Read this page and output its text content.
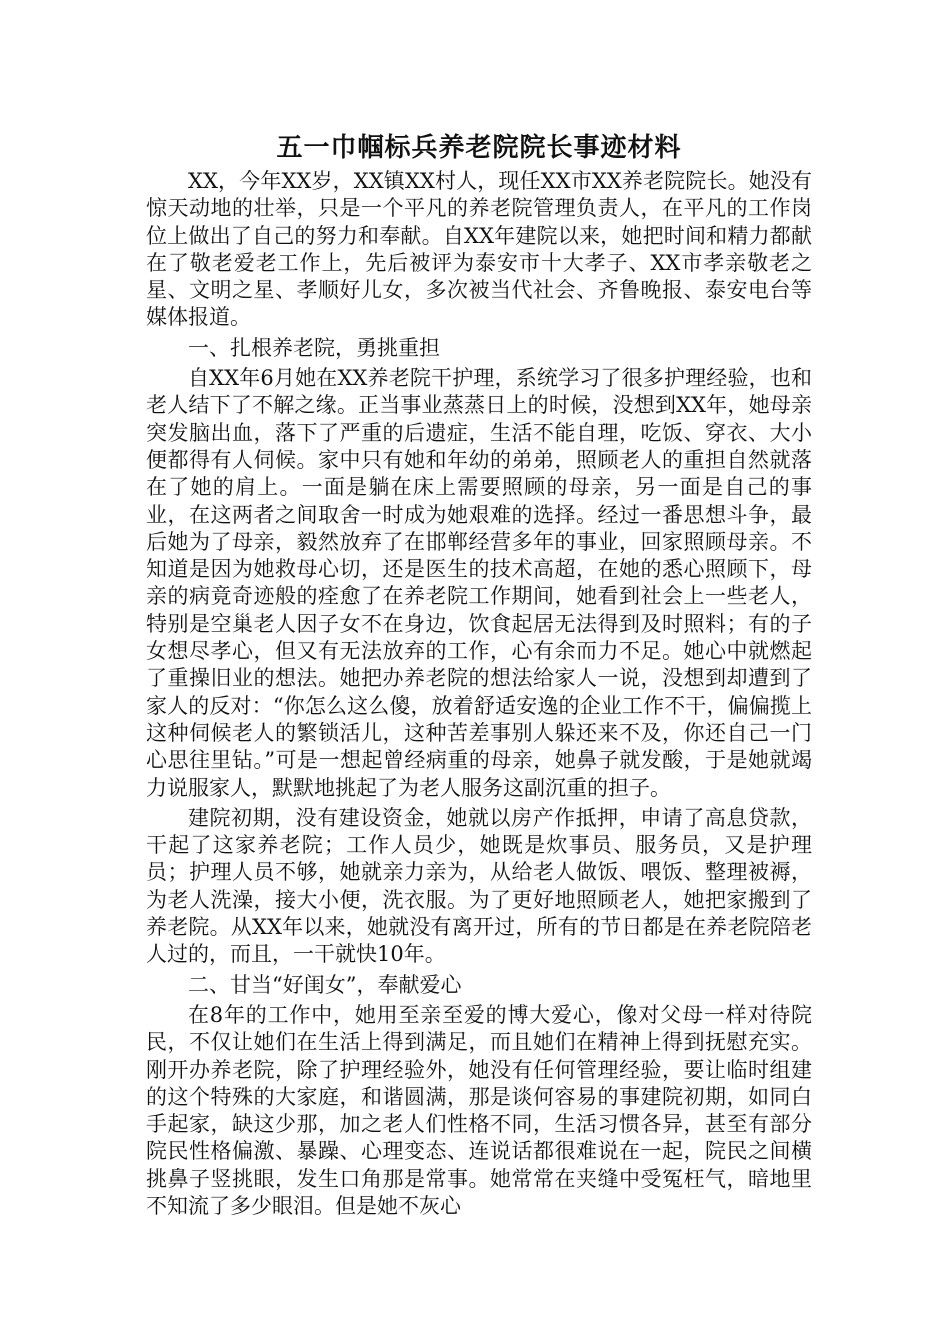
五一巾帼标兵养老院院长事迹材料

XX，今年XX岁，XX镇XX村人，现任XX市XX养老院院长。她没有惊天动地的壮举，只是一个平凡的养老院管理负责人，在平凡的工作岗位上做出了自己的努力和奉献。自XX年建院以来，她把时间和精力都献在了敬老爱老工作上，先后被评为泰安市十大孝子、XX市孝亲敬老之星、文明之星、孝顺好儿女，多次被当代社会、齐鲁晚报、泰安电台等媒体报道。

一、扎根养老院，勇挑重担

自XX年6月她在XX养老院干护理，系统学习了很多护理经验，也和老人结下了不解之缘。正当事业蒸蒸日上的时候，没想到XX年，她母亲突发脑出血，落下了严重的后遗症，生活不能自理，吃饭、穿衣、大小便都得有人伺候。家中只有她和年幼的弟弟，照顾老人的重担自然就落在了她的肩上。一面是躺在床上需要照顾的母亲，另一面是自己的事业，在这两者之间取舍一时成为她艰难的选择。经过一番思想斗争，最后她为了母亲，毅然放弃了在邯郸经营多年的事业，回家照顾母亲。不知道是因为她救母心切，还是医生的技术高超，在她的悉心照顾下，母亲的病竟奇迹般的痊愈了在养老院工作期间，她看到社会上一些老人，特别是空巢老人因子女不在身边，饮食起居无法得到及时照料；有的子女想尽孝心，但又有无法放弃的工作，心有余而力不足。她心中就燃起了重操旧业的想法。她把办养老院的想法给家人一说，没想到却遭到了家人的反对：“你怎么这么傻，放着舒适安逸的企业工作不干，偏偏揽上这种伺候老人的繁锁活儿，这种苦差事别人躲还来不及，你还自己一门心思往里钻。”可是一想起曾经病重的母亲，她鼻子就发酸，于是她就竭力说服家人，默默地挑起了为老人服务这副沉重的担子。

建院初期，没有建设资金，她就以房产作抵押，申请了高息贷款，干起了这家养老院；工作人员少，她既是炊事员、服务员，又是护理员；护理人员不够，她就亲力亲为，从给老人做饭、喂饭、整理被褥，为老人洗澡，接大小便，洗衣服。为了更好地照顾老人，她把家搬到了养老院。从XX年以来，她就没有离开过，所有的节日都是在养老院陪老人过的，而且，一干就快10年。

二、甘当“好闺女”，奉献爱心

在8年的工作中，她用至亲至爱的博大爱心，像对父母一样对待院民，不仅让她们在生活上得到满足，而且她们在精神上得到抚慰充实。刚开办养老院，除了护理经验外，她没有任何管理经验，要让临时组建的这个特殊的大家庭，和谐圆满，那是谈何容易的事建院初期，如同白手起家，缺这少那，加之老人们性格不同，生活习惯各异，甚至有部分院民性格偏激、暴躁、心理变态、连说话都很难说在一起，院民之间横挑鼻子竖挑眼，发生口角那是常事。她常常在夹缝中受冤枉气，暗地里不知流了多少眼泪。但是她不灰心
